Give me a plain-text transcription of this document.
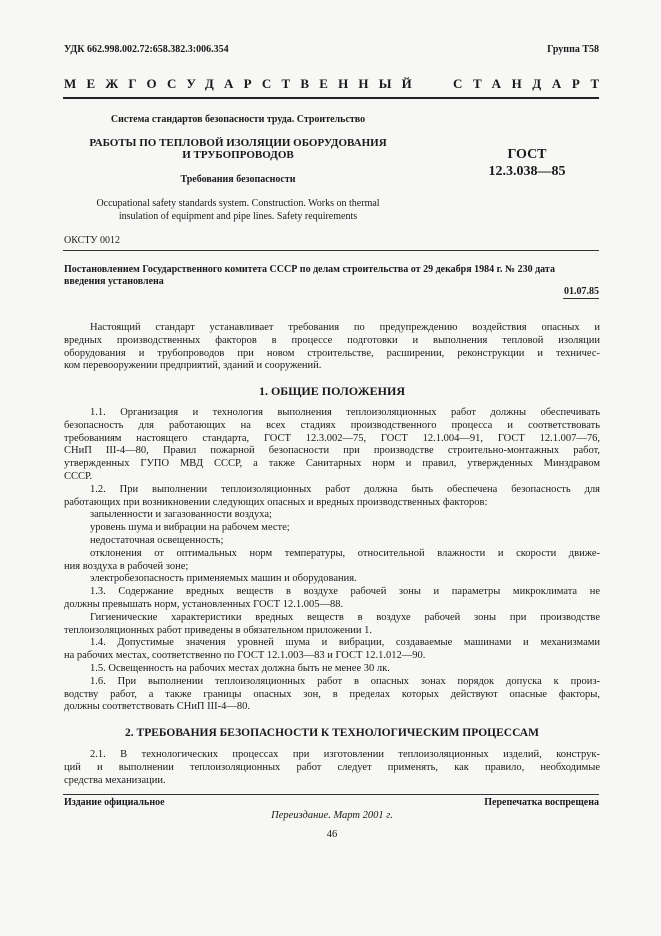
УДК 662.998.002.72:658.382.3:006.354	Группа Т58
МЕЖГОСУДАРСТВЕННЫЙ СТАНДАРТ
Система стандартов безопасности труда. Строительство
РАБОТЫ ПО ТЕПЛОВОЙ ИЗОЛЯЦИИ ОБОРУДОВАНИЯ
И ТРУБОПРОВОДОВ
Требования безопасности
Occupational safety standards system. Construction. Works on thermal
insulation of equipment and pipe lines. Safety requirements
ГОСТ
12.3.038—85
ОКСТУ 0012
Постановлением Государственного комитета СССР по делам строительства от 29 декабря 1984 г. № 230 дата
введения установлена
01.07.85
Настоящий стандарт устанавливает требования по предупреждению воздействия опасных и
вредных производственных факторов в процессе подготовки и выполнения тепловой изоляции
оборудования и трубопроводов при новом строительстве, расширении, реконструкции и техничес-
ком перевооружении предприятий, зданий и сооружений.
1. ОБЩИЕ ПОЛОЖЕНИЯ
1.1. Организация и технология выполнения теплоизоляционных работ должны обеспечивать
безопасность для работающих на всех стадиях производственного процесса и соответствовать
требованиям настоящего стандарта, ГОСТ 12.3.002—75, ГОСТ 12.1.004—91, ГОСТ 12.1.007—76,
СНиП III-4—80, Правил пожарной безопасности при производстве строительно-монтажных работ,
утвержденных ГУПО МВД СССР, а также Санитарных норм и правил, утвержденных Минздравом
СССР.
1.2. При выполнении теплоизоляционных работ должна быть обеспечена безопасность для
работающих при возникновении следующих опасных и вредных производственных факторов:
запыленности и загазованности воздуха;
уровень шума и вибрации на рабочем месте;
недостаточная освещенность;
отклонения от оптимальных норм температуры, относительной влажности и скорости движе-
ния воздуха в рабочей зоне;
электробезопасность применяемых машин и оборудования.
1.3. Содержание вредных веществ в воздухе рабочей зоны и параметры микроклимата не
должны превышать норм, установленных ГОСТ 12.1.005—88.
Гигиенические характеристики вредных веществ в воздухе рабочей зоны при производстве
теплоизоляционных работ приведены в обязательном приложении 1.
1.4. Допустимые значения уровней шума и вибрации, создаваемые машинами и механизмами
на рабочих местах, соответственно по ГОСТ 12.1.003—83 и ГОСТ 12.1.012—90.
1.5. Освещенность на рабочих местах должна быть не менее 30 лк.
1.6. При выполнении теплоизоляционных работ в опасных зонах порядок допуска к произ-
водству работ, а также границы опасных зон, в пределах которых действуют опасные факторы,
должны соответствовать СНиП III-4—80.
2. ТРЕБОВАНИЯ БЕЗОПАСНОСТИ К ТЕХНОЛОГИЧЕСКИМ ПРОЦЕССАМ
2.1. В технологических процессах при изготовлении теплоизоляционных изделий, конструк-
ций и выполнении теплоизоляционных работ следует применять, как правило, необходимые
средства механизации.
Издание официальное	Перепечатка воспрещена
Переиздание. Март 2001 г.
46
